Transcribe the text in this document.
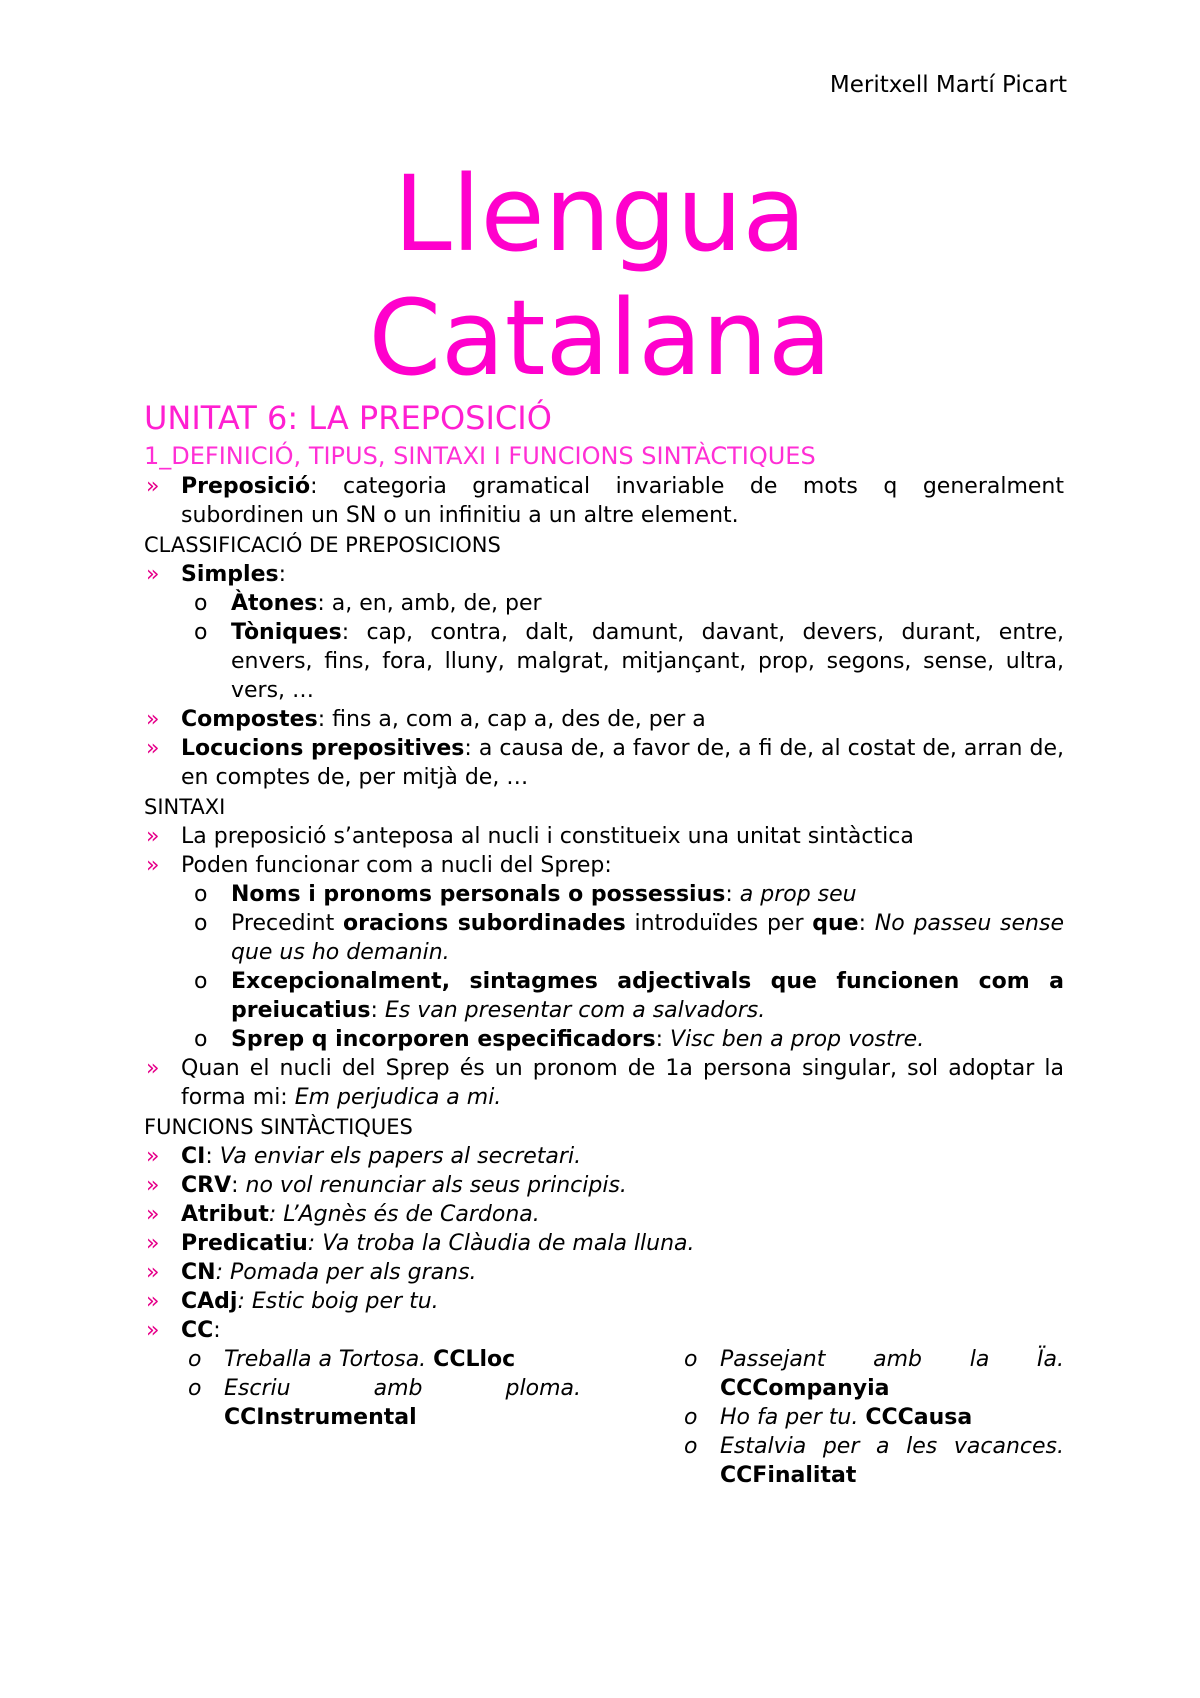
Meritxell Martí Picart
Llengua
Catalana
UNITAT 6: LA PREPOSICIÓ
1_DEFINICIÓ, TIPUS, SINTAXI I FUNCIONS SINTÀCTIQUES
» Preposició: categoria gramatical invariable de mots q generalment subordinen un SN o un infinitiu a un altre element.
CLASSIFICACIÓ DE PREPOSICIONS
» Simples:
o Àtones: a, en, amb, de, per
o Tòniques: cap, contra, dalt, damunt, davant, devers, durant, entre, envers, fins, fora, lluny, malgrat, mitjançant, prop, segons, sense, ultra, vers, …
» Compostes: fins a, com a, cap a, des de, per a
» Locucions prepositives: a causa de, a favor de, a fi de, al costat de, arran de, en comptes de, per mitjà de, …
SINTAXI
» La preposició s’anteposa al nucli i constitueix una unitat sintàctica
» Poden funcionar com a nucli del Sprep:
o Noms i pronoms personals o possessius: a prop seu
o Precedint oracions subordinades introduïdes per que: No passeu sense que us ho demanin.
o Excepcionalment, sintagmes adjectivals que funcionen com a preiucatius: Es van presentar com a salvadors.
o Sprep q incorporen especificadors: Visc ben a prop vostre.
» Quan el nucli del Sprep és un pronom de 1a persona singular, sol adoptar la forma mi: Em perjudica a mi.
FUNCIONS SINTÀCTIQUES
» CI: Va enviar els papers al secretari.
» CRV: no vol renunciar als seus principis.
» Atribut: L’Agnès és de Cardona.
» Predicatiu: Va troba la Clàudia de mala lluna.
» CN: Pomada per als grans.
» CAdj: Estic boig per tu.
» CC:
o Treballa a Tortosa. CCLloc
o Escriu amb ploma. CCInstrumental
o Passejant amb la Ïa. CCCompanyia
o Ho fa per tu. CCCausa
o Estalvia per a les vacances. CCFinalitat
